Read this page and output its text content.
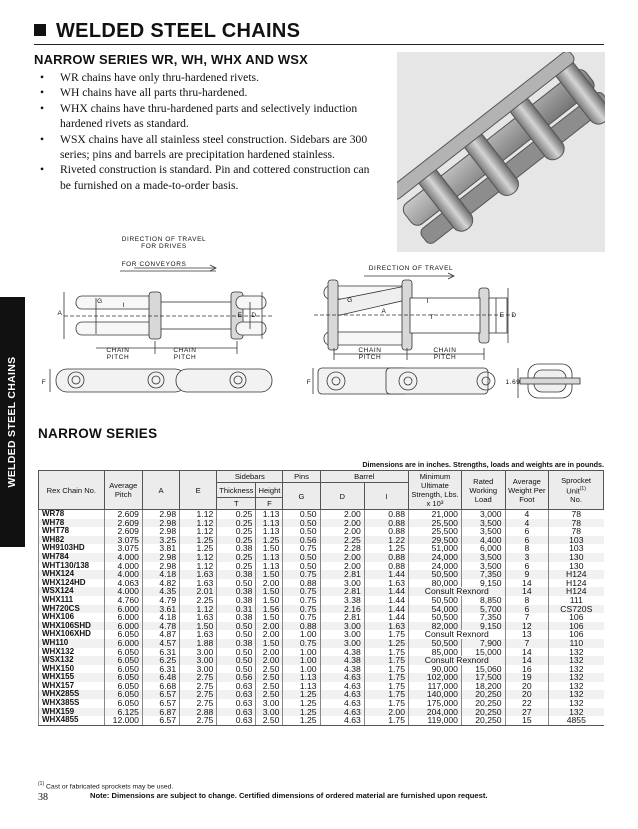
WELDED STEEL CHAINS
WELDED STEEL CHAINS
NARROW SERIES WR, WH, WHX AND WSX
• WR chains have only thru-hardened rivets.
• WH chains have all parts thru-hardened.
• WHX chains have thru-hardened parts and selectively induction hardened rivets as standard.
• WSX chains have all stainless steel construction. Sidebars are 300 series; pins and barrels are precipitation hardened stainless.
• Riveted construction is standard. Pin and cottered construction can be furnished on a made-to-order basis.
DIRECTION OF TRAVEL
FOR DRIVES
FOR CONVEYORS
DIRECTION OF TRAVEL
CHAIN
PITCH
CHAIN
PITCH
CHAIN
PITCH
CHAIN
PITCH
G
I
A	E D
G	I
A
T	E D
F	F	1.69
NARROW SERIES
Dimensions are in inches. Strengths, loads and weights are in pounds.
Rex Chain No.	Average Pitch	A	E	Sidebars		Pins	Barrel		Minimum Ultimate Strength, Lbs. x 10³	Rated Working Load	Average Weight Per Foot	Sprocket Unit$^{(1)}$
No.
				Thickness	Height	G	D	I				
				T	F							
WR78	2.609	2.98	1.12	0.25	1.13	0.50	2.00	0.88	21,000	3,000	4	78
WH78	2.609	2.98	1.12	0.25	1.13	0.50	2.00	0.88	25,500	3,500	4	78
WHT78	2.609	2.98	1.12	0.25	1.13	0.50	2.00	0.88	25,500	3,500	6	78
WH82	3.075	3.25	1.25	0.25	1.25	0.56	2.25	1.22	29,500	4,400	6	103
WH9103HD	3.075	3.81	1.25	0.38	1.50	0.75	2.28	1.25	51,000	6,000	8	103
WH784	4.000	2.98	1.12	0.25	1.13	0.50	2.00	0.88	24,000	3,500	3	130
WHT130/138	4.000	2.98	1.12	0.25	1.13	0.50	2.00	0.88	24,000	3,500	6	130
WHX124	4.000	4.18	1.63	0.38	1.50	0.75	2.81	1.44	50,500	7,350	9	H124
WHX124HD	4.063	4.82	1.63	0.50	2.00	0.88	3.00	1.63	80,000	9,150	14	H124
WSX124	4.000	4.35	2.01	0.38	1.50	0.75	2.81	1.44	Consult Rexnord		14	H124
WHX111	4.760	4.79	2.25	0.38	1.50	0.75	3.38	1.44	50,500	8,850	8	111
WH720CS	6.000	3.61	1.12	0.31	1.56	0.75	2.16	1.44	54,000	5,700	6	CS720S
WHX106	6.000	4.18	1.63	0.38	1.50	0.75	2.81	1.44	50,500	7,350	7	106
WHX106SHD	6.000	4.78	1.50	0.50	2.00	0.88	3.00	1.63	82,000	9,150	12	106
WHX106XHD	6.050	4.87	1.63	0.50	2.00	1.00	3.00	1.75	Consult Rexnord		13	106
WH110	6.000	4.57	1.88	0.38	1.50	0.75	3.00	1.25	50,500	7,900	7	110
WHX132	6.050	6.31	3.00	0.50	2.00	1.00	4.38	1.75	85,000	15,000	14	132
WSX132	6.050	6.25	3.00	0.50	2.00	1.00	4.38	1.75	Consult Rexnord		14	132
WHX150	6.050	6.31	3.00	0.50	2.50	1.00	4.38	1.75	90,000	15,060	16	132
WHX155	6.050	6.48	2.75	0.56	2.50	1.13	4.63	1.75	102,000	17,500	19	132
WHX157	6.050	6.68	2.75	0.63	2.50	1.13	4.63	1.75	117,000	18,200	20	132
WHX285S	6.050	6.57	2.75	0.63	2.50	1.25	4.63	1.75	140,000	20,250	20	132
WHX385S	6.050	6.57	2.75	0.63	3.00	1.25	4.63	1.75	175,000	20,250	22	132
WHX159	6.125	6.87	2.88	0.63	3.00	1.25	4.63	2.00	204,000	20,250	27	132
WHX4855	12.000	6.57	2.75	0.63	2.50	1.25	4.63	1.75	119,000	20,250	15	4855
$^{(1)}$ Cast or fabricated sprockets may be used.
38	Note: Dimensions are subject to change. Certified dimensions of ordered material are furnished upon request.
